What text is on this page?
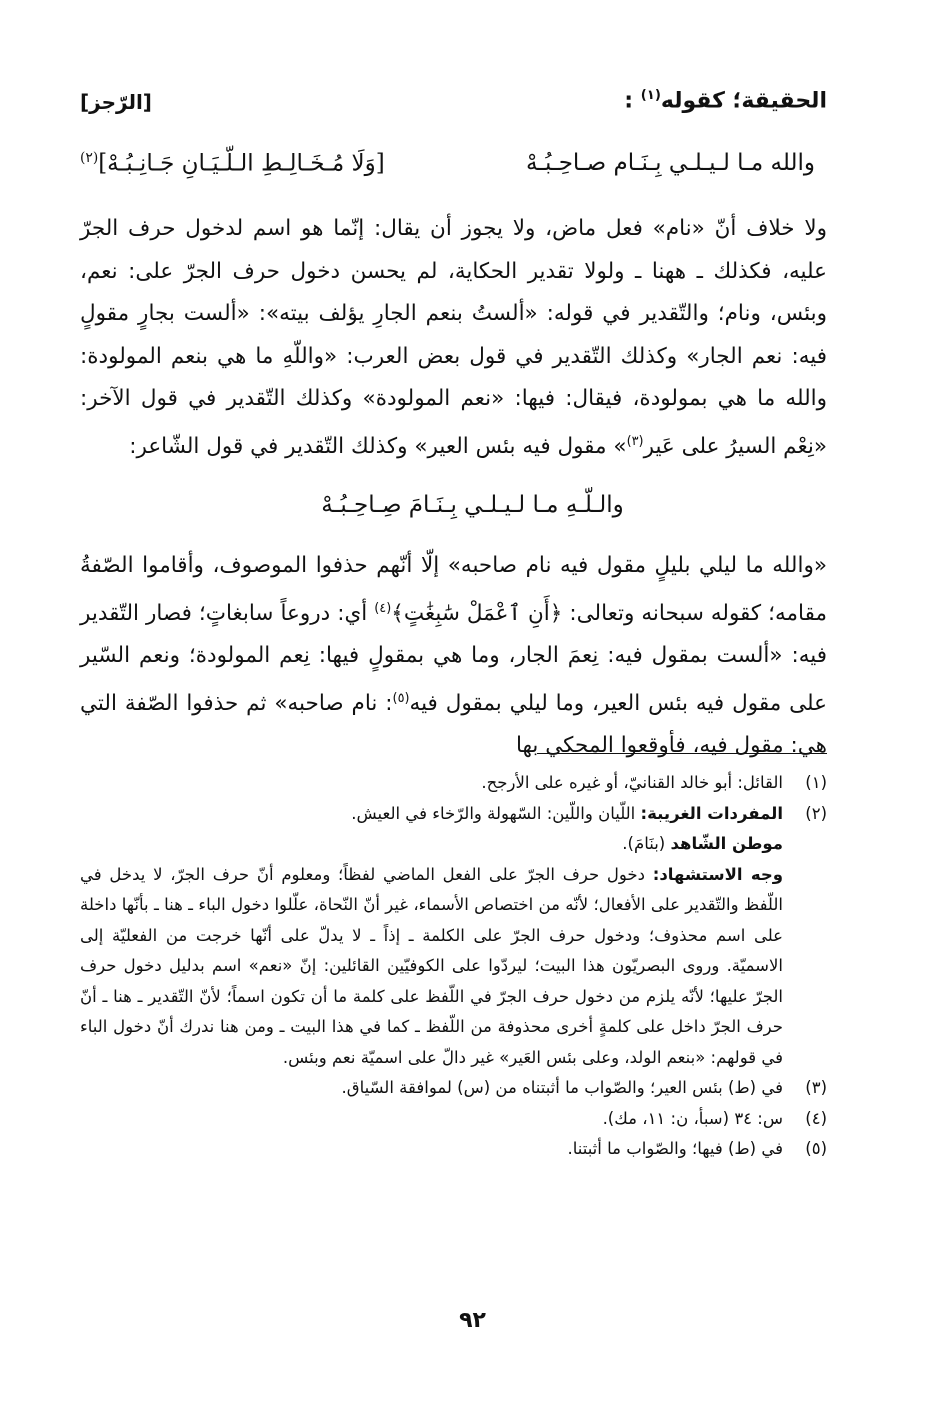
الحقيقة؛ كقوله$^{(١)}$ :
[الرّجز]
والله مـا لـيـلـي بِـنَـام صـاحِـبُـهْ
[وَلَا مُـخَـالِـطِ الـلّـيَـانِ جَـانِـبُـهْ]$^{(٢)}$
ولا خلاف أنّ «نام» فعل ماض، ولا يجوز أن يقال: إنّما هو اسم لدخول حرف الجرّ عليه، فكذلك ـ ههنا ـ ولولا تقدير الحكاية، لم يحسن دخول حرف الجرّ على: نعم، وبئس، ونام؛ والتّقدير في قوله: «ألستُ بنعم الجارِ يؤلف بيته»: «ألست بجارٍ مقولٍ فيه: نعم الجار» وكذلك التّقدير في قول بعض العرب: «واللّهِ ما هي بنعم المولودة: والله ما هي بمولودة، فيقال: فيها: «نعم المولودة» وكذلك التّقدير في قول الآخر: «نِعْم السيرُ على عَير$^{(٣)}$» مقول فيه بئس العير» وكذلك التّقدير في قول الشّاعر:
والـلّـهِ مـا لـيـلـي بِـنَـامَ صِـاحِـبُـهْ
«والله ما ليلي بليلٍ مقول فيه نام صاحبه» إلّا أنّهم حذفوا الموصوف، وأقاموا الصّفةُ مقامه؛ كقوله سبحانه وتعالى: ﴿أَنِ ٱعْمَلْ سَٰبِغَٰتٍ﴾$^{(٤)}$ أي: دروعاً سابغاتٍ؛ فصار التّقدير فيه: «ألست بمقول فيه: نِعمَ الجار، وما هي بمقولٍ فيها: نِعم المولودة؛ ونعم السّير على مقول فيه بئس العير، وما ليلي بمقول فيه$^{(٥)}$: نام صاحبه» ثم حذفوا الصّفة التي هي: مقول فيه، فأوقعوا المحكي بها
(١)
القائل: أبو خالد القنانيّ، أو غيره على الأرجح.
(٢)
المفردات الغريبة: اللّيان واللّين: السّهولة والرّخاء في العيش.
موطن الشّاهد (بنَامَ).
وجه الاستشهاد: دخول حرف الجرّ على الفعل الماضي لفظاً؛ ومعلوم أنّ حرف الجرّ، لا يدخل في اللّفظ والتّقدير على الأفعال؛ لأنّه من اختصاص الأسماء، غير أنّ النّحاة، علّلوا دخول الباء ـ هنا ـ بأنّها داخلة على اسم محذوف؛ ودخول حرف الجرّ على الكلمة ـ إذاً ـ لا يدلّ على أنّها خرجت من الفعليّة إلى الاسميّة. وروى البصريّون هذا البيت؛ ليردّوا على الكوفيّين القائلين: إنّ «نعم» اسم بدليل دخول حرف الجرّ عليها؛ لأنّه يلزم من دخول حرف الجرّ في اللّفظ على كلمة ما أن تكون اسماً؛ لأنّ التّقدير ـ هنا ـ أنّ حرف الجرّ داخل على كلمةٍ أخرى محذوفة من اللّفظ ـ كما في هذا البيت ـ ومن هنا ندرك أنّ دخول الباء في قولهم: «بنعم الولد، وعلى بئس العَير» غير دالّ على اسميّة نعم وبئس.
(٣)
في (ط) بئس العير؛ والصّواب ما أثبتناه من (س) لموافقة السّياق.
(٤)
س: ٣٤ (سبأ، ن: ١١، مك).
(٥)
في (ط) فيها؛ والصّواب ما أثبتنا.
٩٢
